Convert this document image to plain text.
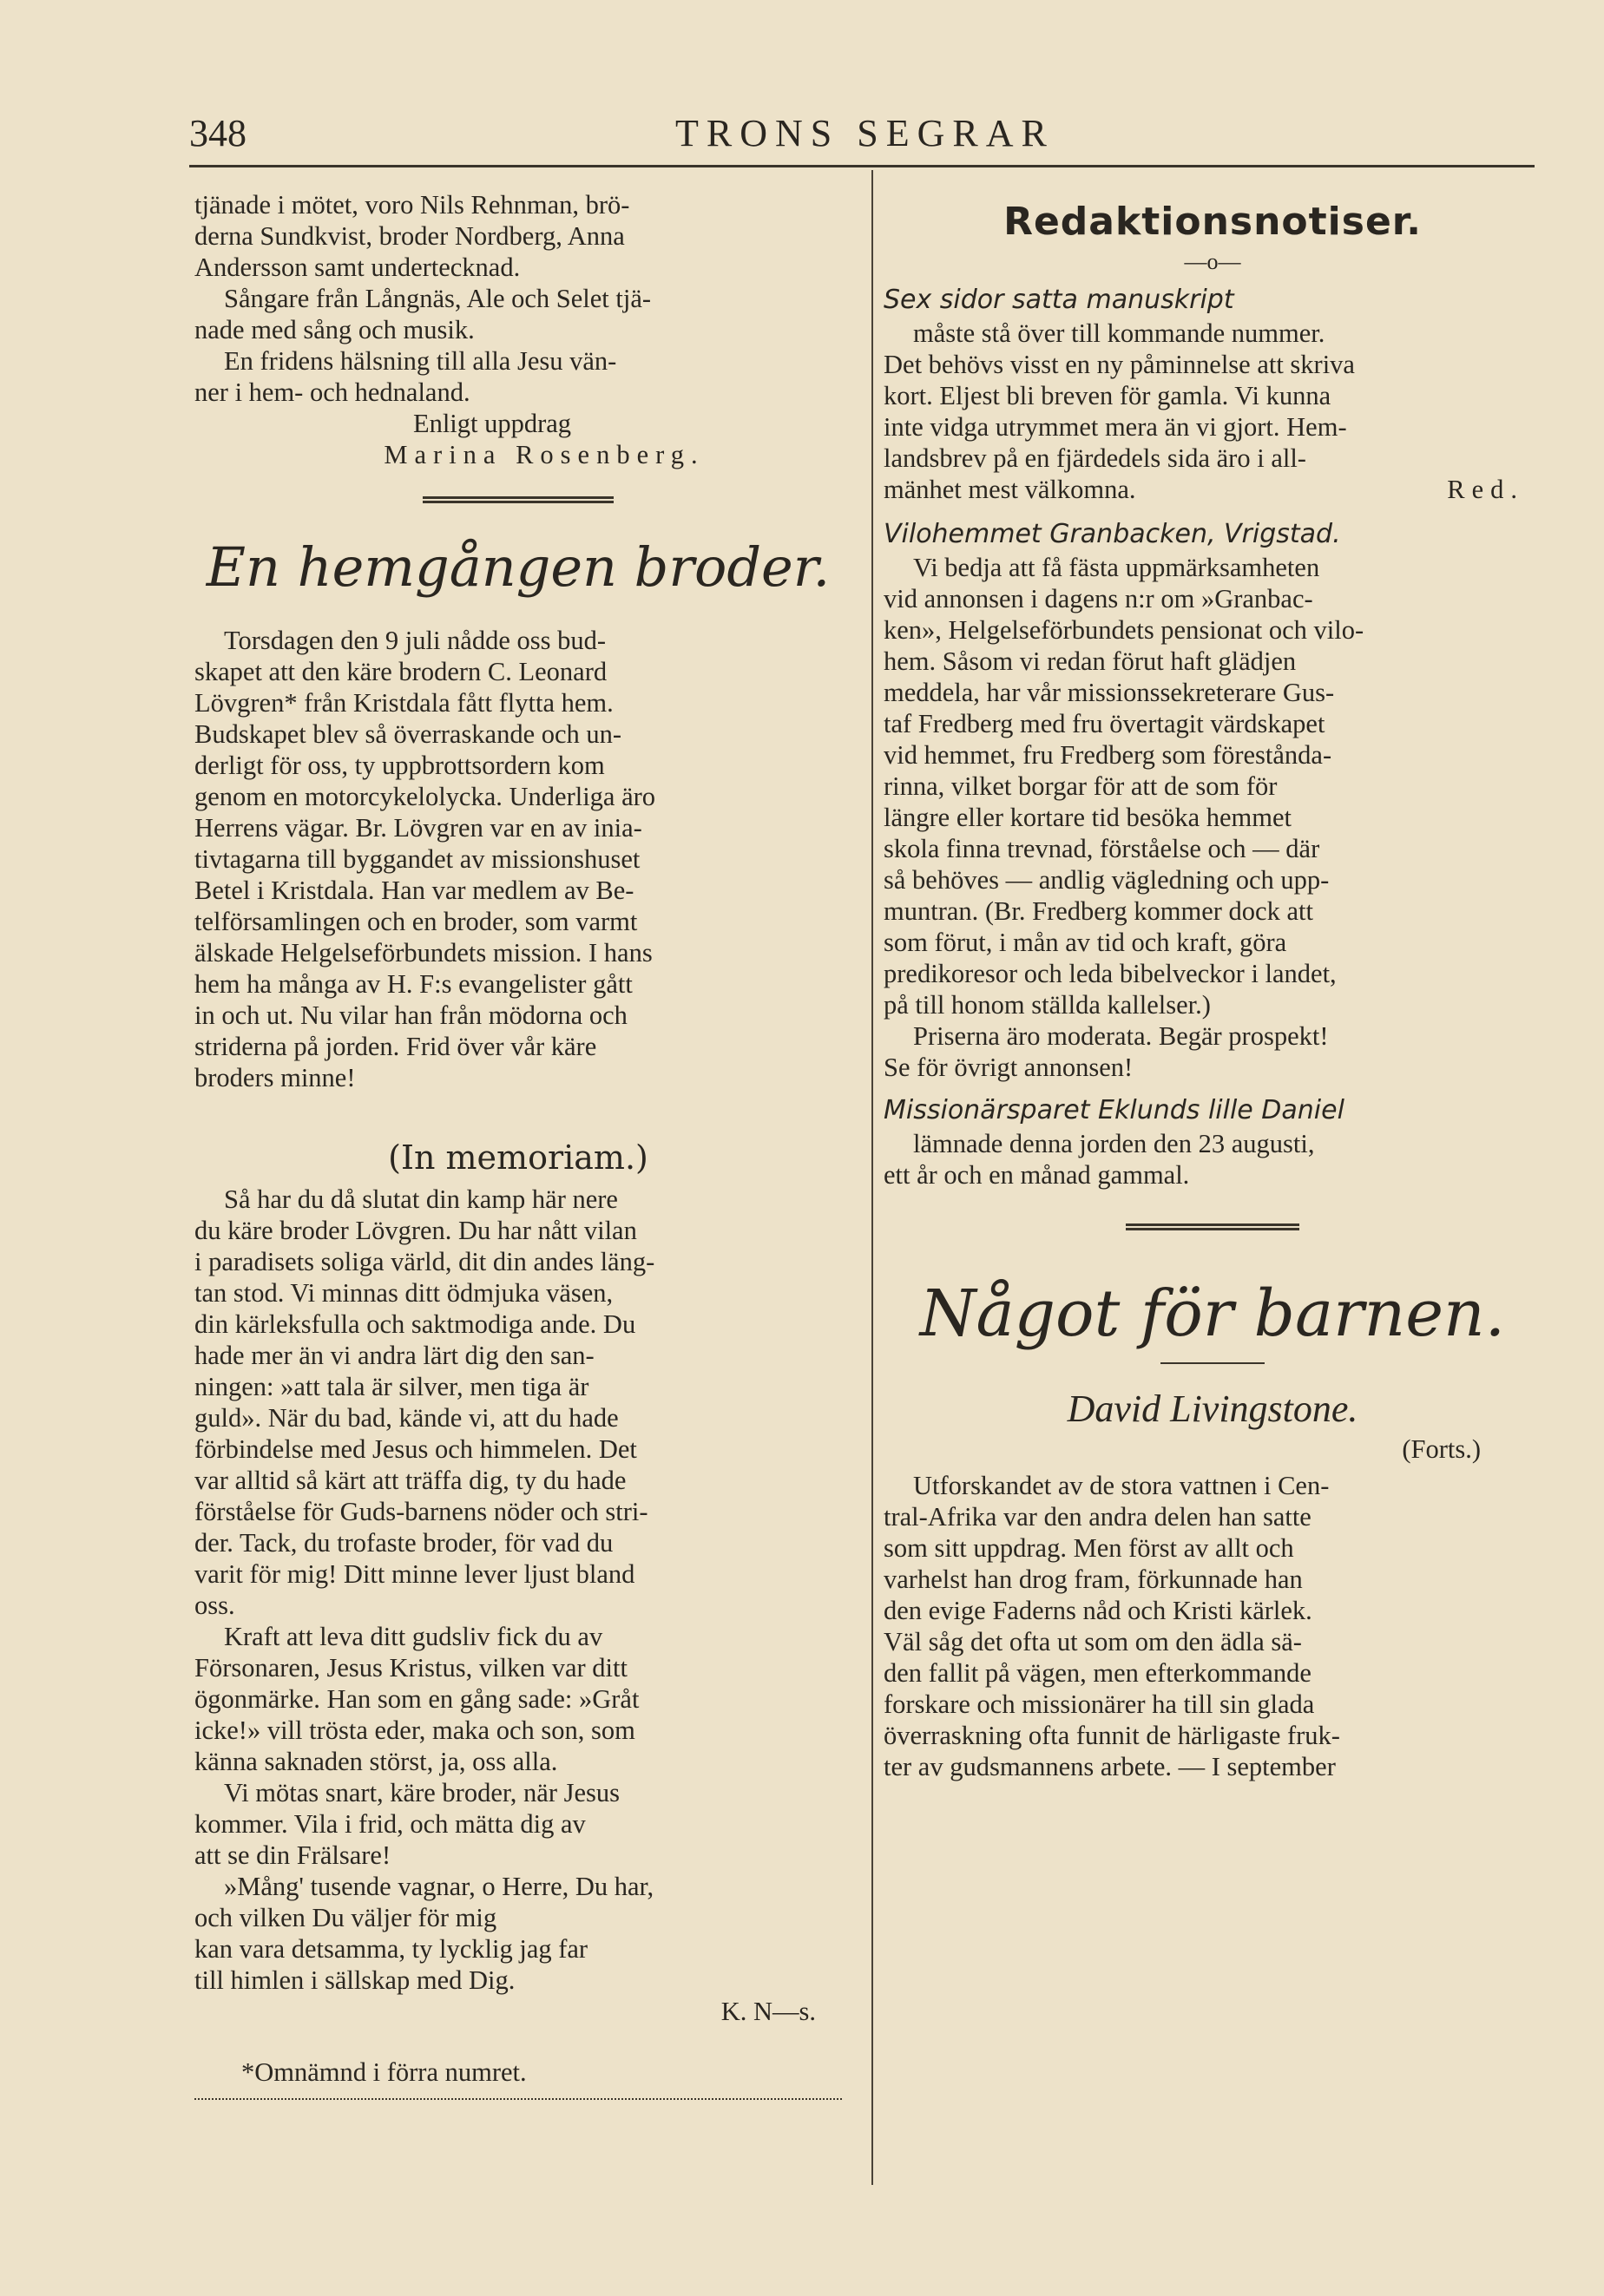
348	TRONS SEGRAR

tjänade i mötet, voro Nils Rehnman, brö-

derna Sundkvist, broder Nordberg, Anna

Andersson samt undertecknad.

Sångare från Långnäs, Ale och Selet tjä-

nade med sång och musik.

En fridens hälsning till alla Jesu vän-

ner i hem- och hednaland.

Enligt uppdrag

Marina Rosenberg.

En hemgången broder.

Torsdagen den 9 juli nådde oss bud-

skapet att den käre brodern C. Leonard

Lövgren* från Kristdala fått flytta hem.

Budskapet blev så överraskande och un-

derligt för oss, ty uppbrottsordern kom

genom en motorcykelolycka. Underliga äro

Herrens vägar. Br. Lövgren var en av inia-

tivtagarna till byggandet av missionshuset

Betel i Kristdala. Han var medlem av Be-

telförsamlingen och en broder, som varmt

älskade Helgelseförbundets mission. I hans

hem ha många av H. F:s evangelister gått

in och ut. Nu vilar han från mödorna och

striderna på jorden. Frid över vår käre

broders minne!

(In memoriam.)

Så har du då slutat din kamp här nere

du käre broder Lövgren. Du har nått vilan

i paradisets soliga värld, dit din andes läng-

tan stod. Vi minnas ditt ödmjuka väsen,

din kärleksfulla och saktmodiga ande. Du

hade mer än vi andra lärt dig den san-

ningen: »att tala är silver, men tiga är

guld». När du bad, kände vi, att du hade

förbindelse med Jesus och himmelen. Det

var alltid så kärt att träffa dig, ty du hade

förståelse för Guds-barnens nöder och stri-

der. Tack, du trofaste broder, för vad du

varit för mig! Ditt minne lever ljust bland

oss.

Kraft att leva ditt gudsliv fick du av

Försonaren, Jesus Kristus, vilken var ditt

ögonmärke. Han som en gång sade: »Gråt

icke!» vill trösta eder, maka och son, som

känna saknaden störst, ja, oss alla.

Vi mötas snart, käre broder, när Jesus

kommer. Vila i frid, och mätta dig av

att se din Frälsare!

»Mång' tusende vagnar, o Herre, Du har,

och vilken Du väljer för mig

kan vara detsamma, ty lycklig jag far

till himlen i sällskap med Dig.

K. N—s.

*Omnämnd i förra numret.

Redaktionsnotiser.

—o—

Sex sidor satta manuskript

måste stå över till kommande nummer.

Det behövs visst en ny påminnelse att skriva

kort. Eljest bli breven för gamla. Vi kunna

inte vidga utrymmet mera än vi gjort. Hem-

landsbrev på en fjärdedels sida äro i all-

mänhet mest välkomna.	Red.
Vilohemmet Granbacken, Vrigstad.

Vi bedja att få fästa uppmärksamheten

vid annonsen i dagens n:r om »Granbac-

ken», Helgelseförbundets pensionat och vilo-

hem. Såsom vi redan förut haft glädjen

meddela, har vår missionssekreterare Gus-

taf Fredberg med fru övertagit värdskapet

vid hemmet, fru Fredberg som förestånda-

rinna, vilket borgar för att de som för

längre eller kortare tid besöka hemmet

skola finna trevnad, förståelse och — där

så behöves — andlig vägledning och upp-

muntran. (Br. Fredberg kommer dock att

som förut, i mån av tid och kraft, göra

predikoresor och leda bibelveckor i landet,

på till honom ställda kallelser.)

Priserna äro moderata. Begär prospekt!

Se för övrigt annonsen!

Missionärsparet Eklunds lille Daniel

lämnade denna jorden den 23 augusti,

ett år och en månad gammal.

Något för barnen.
David Livingstone.

(Forts.)

Utforskandet av de stora vattnen i Cen-

tral-Afrika var den andra delen han satte

som sitt uppdrag. Men först av allt och

varhelst han drog fram, förkunnade han

den evige Faderns nåd och Kristi kärlek.

Väl såg det ofta ut som om den ädla sä-

den fallit på vägen, men efterkommande

forskare och missionärer ha till sin glada

överraskning ofta funnit de härligaste fruk-

ter av gudsmannens arbete. — I september
